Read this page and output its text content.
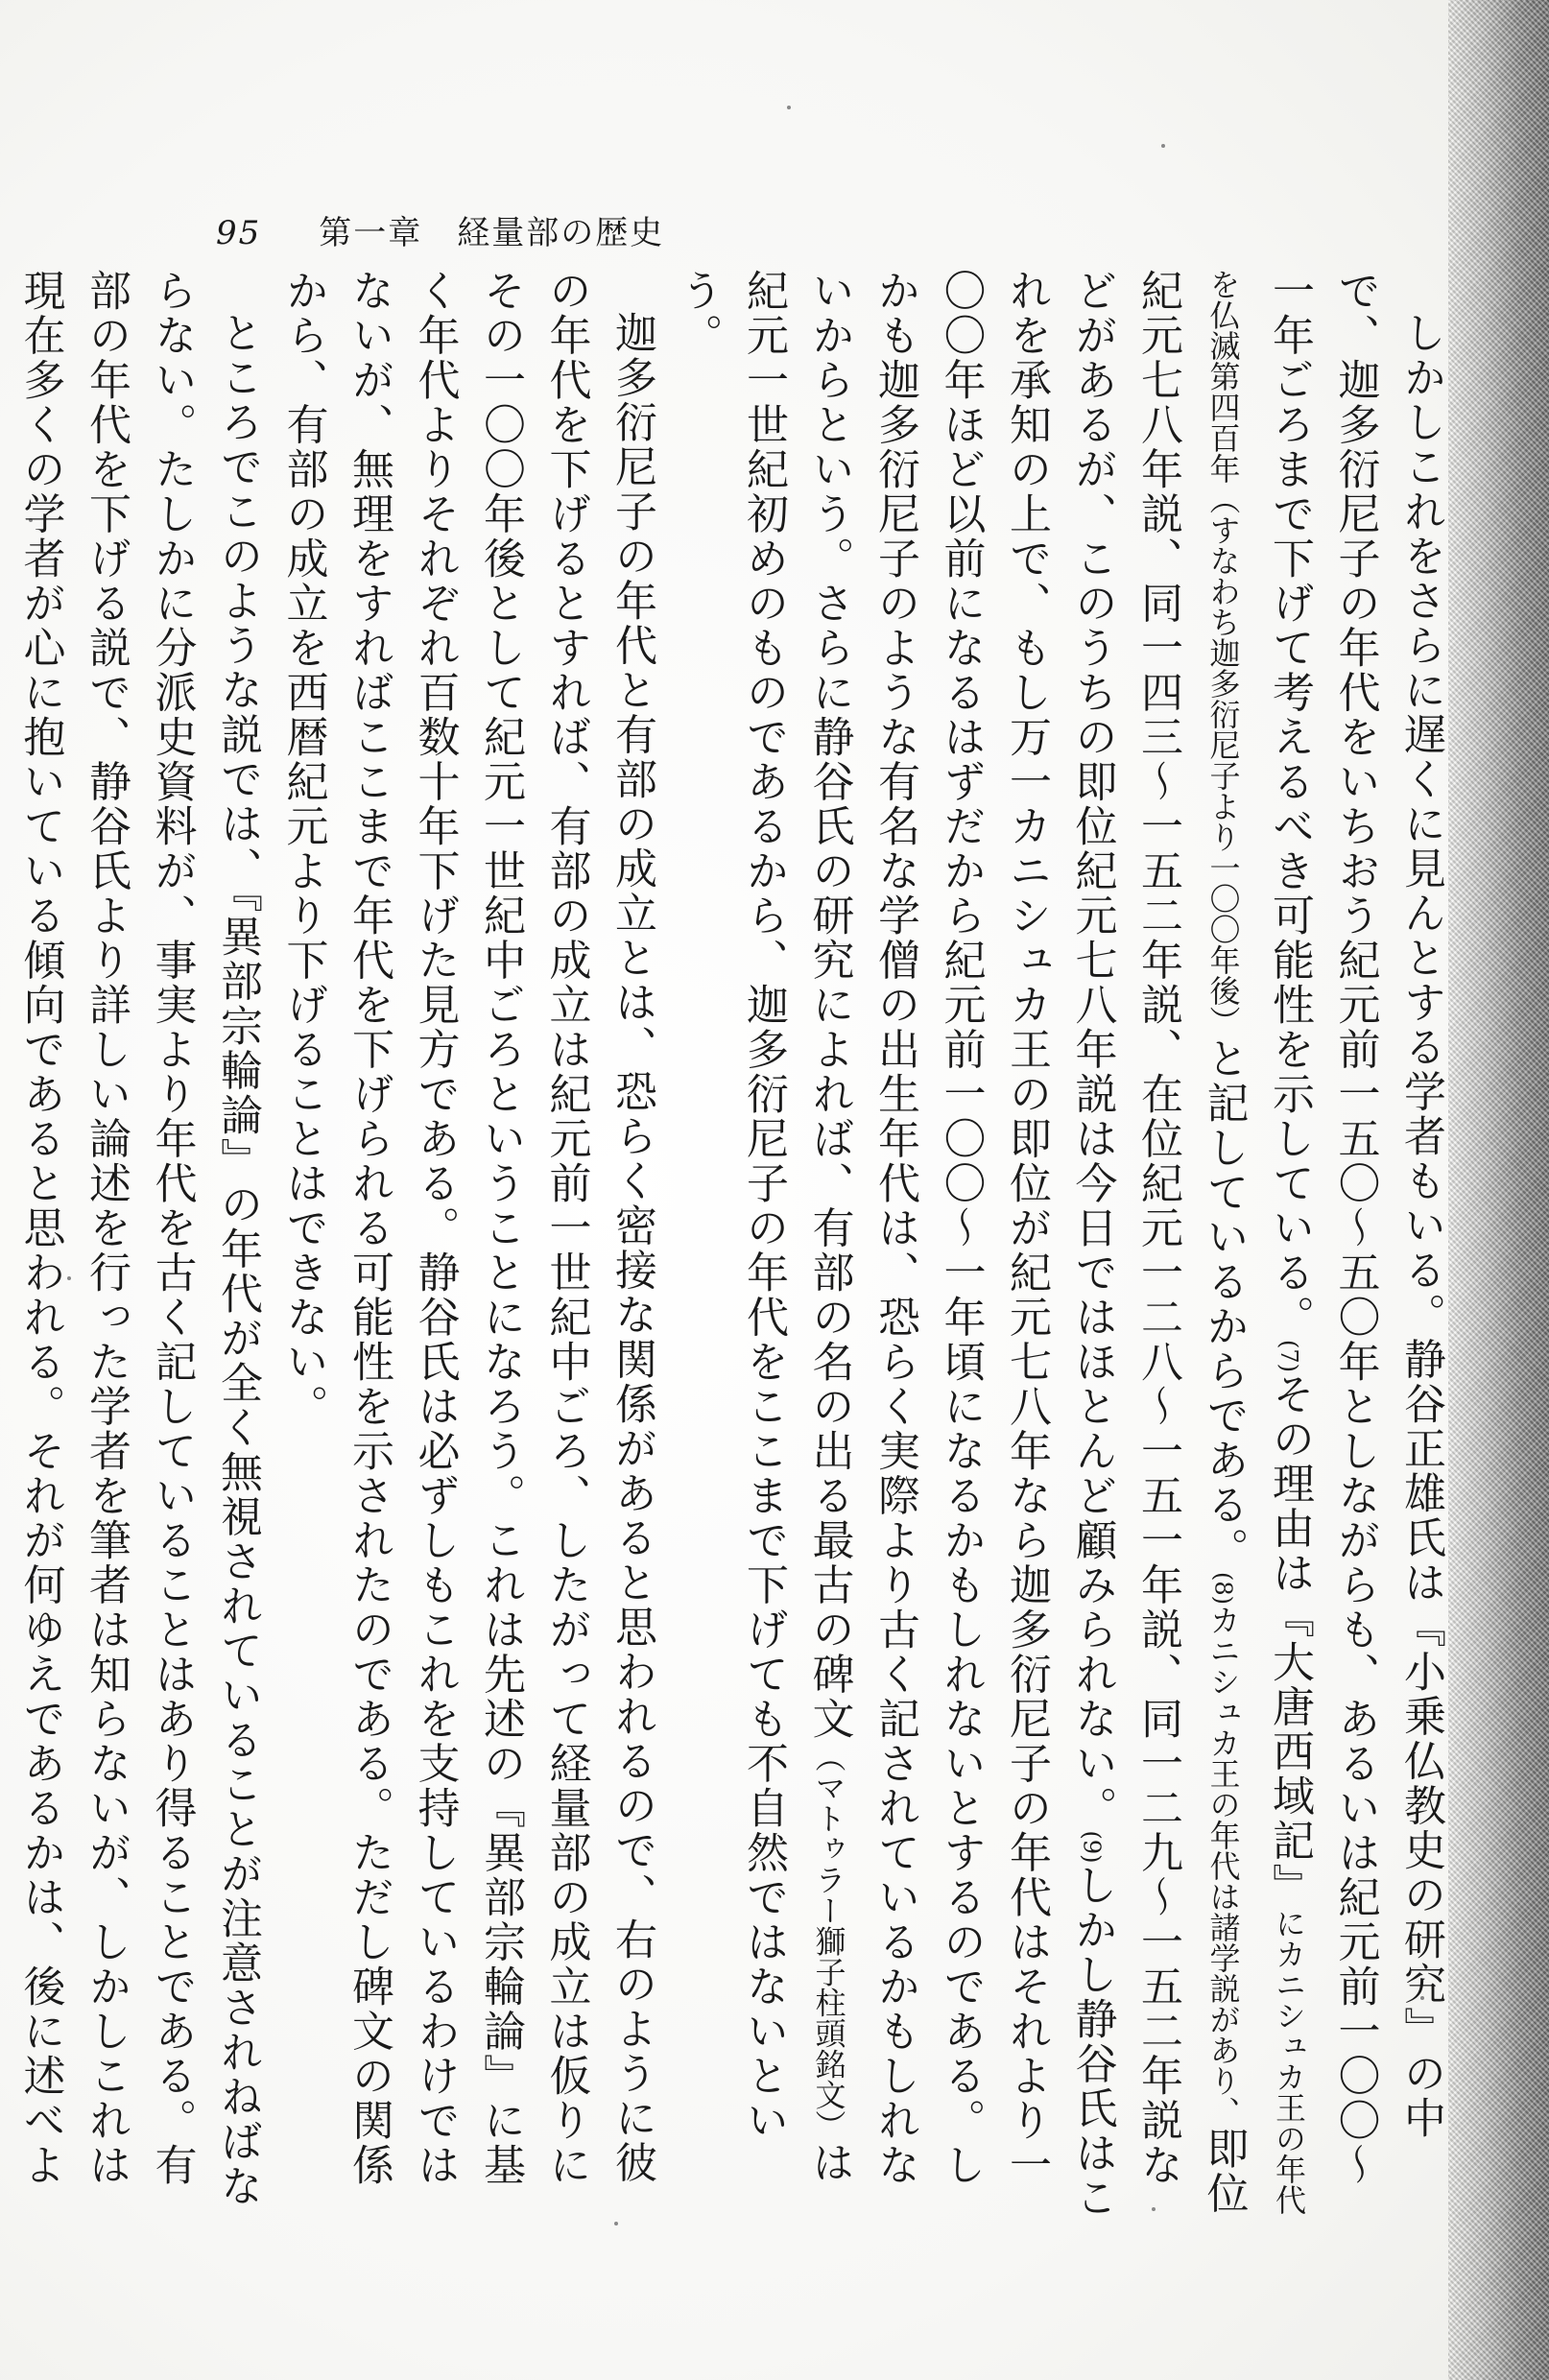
95 第一章　経量部の歴史

しかしこれをさらに遅くに見んとする学者もいる。静谷正雄氏は『小乗仏教史の研究』の中で、迦多衍尼子の年代をいちおう紀元前一五〇～五〇年としながらも、あるいは紀元前一〇〇～一年ごろまで下げて考えるべき可能性を示している。(7)その理由は『大唐西域記』にカニシュカ王の年代を仏滅第四百年（すなわち迦多衍尼子より一〇〇年後）と記しているからである。(8)カニシュカ王の年代は諸学説があり、即位紀元七八年説、同一四三～一五二年説、在位紀元一二八～一五一年説、同一二九～一五二年説などがあるが、このうちの即位紀元七八年説は今日ではほとんど顧みられない。(9)しかし静谷氏はこれを承知の上で、もし万一カニシュカ王の即位が紀元七八年なら迦多衍尼子の年代はそれより一〇〇年ほど以前になるはずだから紀元前一〇〇～一年頃になるかもしれないとするのである。しかも迦多衍尼子のような有名な学僧の出生年代は、恐らく実際より古く記されているかもしれないからという。さらに静谷氏の研究によれば、有部の名の出る最古の碑文（マトゥラー獅子柱頭銘文）は紀元一世紀初めのものであるから、迦多衍尼子の年代をここまで下げても不自然ではないという。

迦多衍尼子の年代と有部の成立とは、恐らく密接な関係があると思われるので、右のように彼の年代を下げるとすれば、有部の成立は紀元前一世紀中ごろ、したがって経量部の成立は仮りにその一〇〇年後として紀元一世紀中ごろということになろう。これは先述の『異部宗輪論』に基く年代よりそれぞれ百数十年下げた見方である。静谷氏は必ずしもこれを支持しているわけではないが、無理をすればここまで年代を下げられる可能性を示されたのである。ただし碑文の関係から、有部の成立を西暦紀元より下げることはできない。

ところでこのような説では、『異部宗輪論』の年代が全く無視されていることが注意されねばならない。たしかに分派史資料が、事実より年代を古く記していることはあり得ることである。有部の年代を下げる説で、静谷氏より詳しい論述を行った学者を筆者は知らないが、しかしこれは現在多くの学者が心に抱いている傾向であると思われる。それが何ゆえであるかは、後に述べよ
